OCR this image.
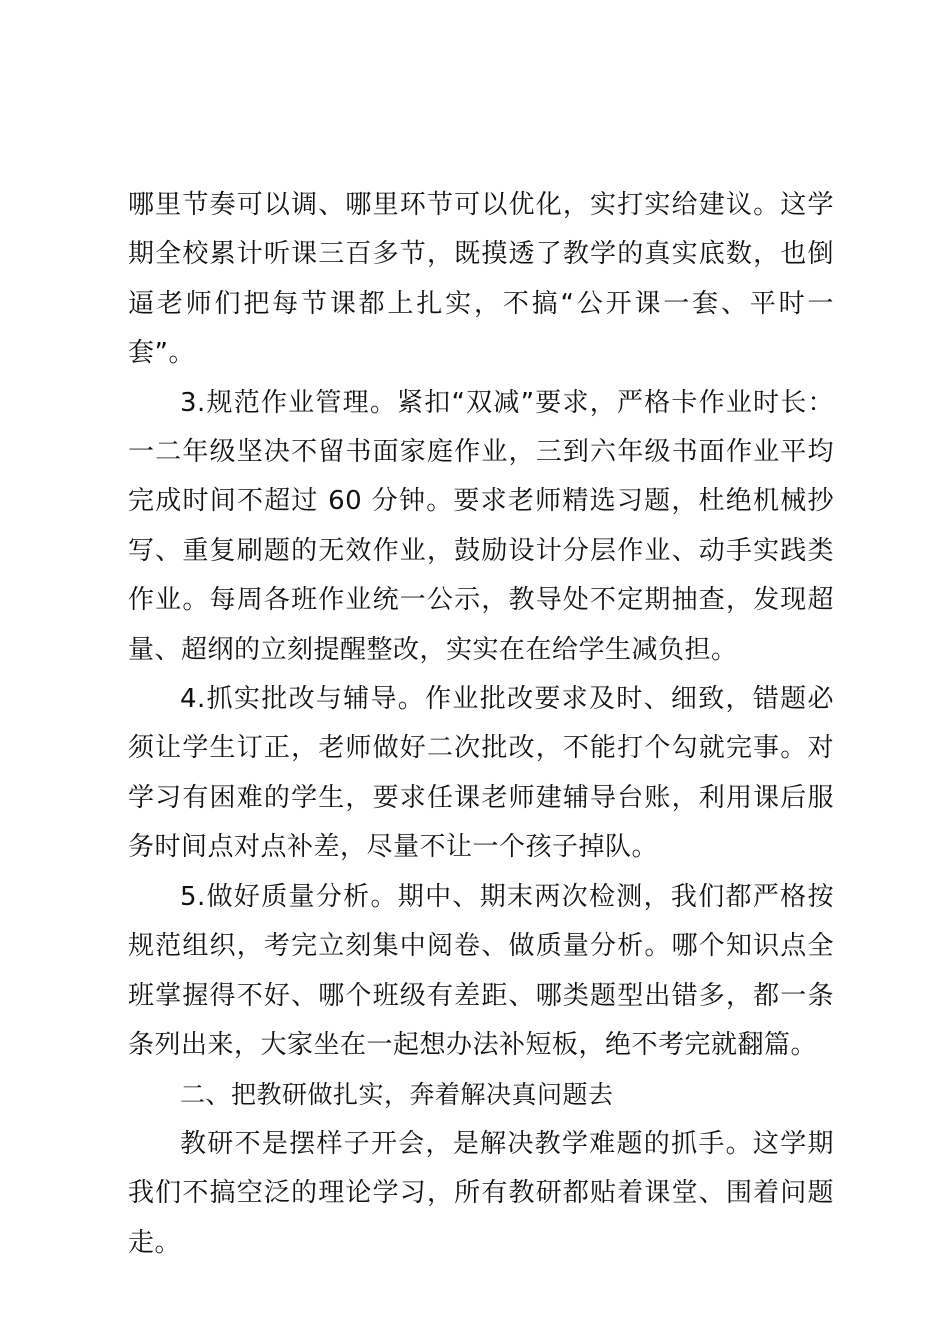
哪里节奏可以调、哪里环节可以优化，实打实给建议。这学期全校累计听课三百多节，既摸透了教学的真实底数，也倒逼老师们把每节课都上扎实，不搞“公开课一套、平时一套”。

3.规范作业管理。紧扣“双减”要求，严格卡作业时长：一二年级坚决不留书面家庭作业，三到六年级书面作业平均完成时间不超过 60 分钟。要求老师精选习题，杜绝机械抄写、重复刷题的无效作业，鼓励设计分层作业、动手实践类作业。每周各班作业统一公示，教导处不定期抽查，发现超量、超纲的立刻提醒整改，实实在在给学生减负担。

4.抓实批改与辅导。作业批改要求及时、细致，错题必须让学生订正，老师做好二次批改，不能打个勾就完事。对学习有困难的学生，要求任课老师建辅导台账，利用课后服务时间点对点补差，尽量不让一个孩子掉队。

5.做好质量分析。期中、期末两次检测，我们都严格按规范组织，考完立刻集中阅卷、做质量分析。哪个知识点全班掌握得不好、哪个班级有差距、哪类题型出错多，都一条条列出来，大家坐在一起想办法补短板，绝不考完就翻篇。

二、把教研做扎实，奔着解决真问题去

教研不是摆样子开会，是解决教学难题的抓手。这学期我们不搞空泛的理论学习，所有教研都贴着课堂、围着问题走。
